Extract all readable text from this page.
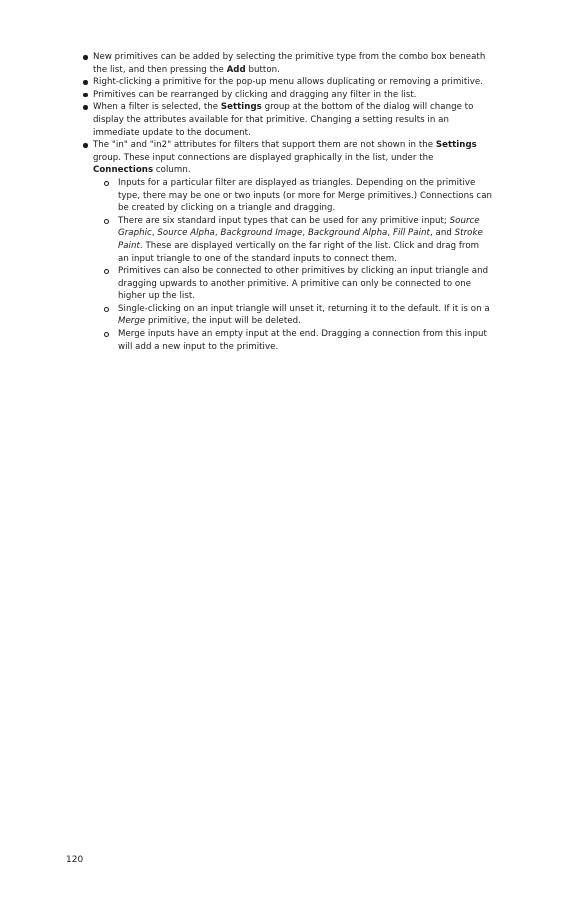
New primitives can be added by selecting the primitive type from the combo box beneath the list, and then pressing the Add button.
Right-clicking a primitive for the pop-up menu allows duplicating or removing a primitive.
Primitives can be rearranged by clicking and dragging any filter in the list.
When a filter is selected, the Settings group at the bottom of the dialog will change to display the attributes available for that primitive. Changing a setting results in an immediate update to the document.
The "in" and "in2" attributes for filters that support them are not shown in the Settings group. These input connections are displayed graphically in the list, under the Connections column.
Inputs for a particular filter are displayed as triangles. Depending on the primitive type, there may be one or two inputs (or more for Merge primitives.) Connections can be created by clicking on a triangle and dragging.
There are six standard input types that can be used for any primitive input; Source Graphic, Source Alpha, Background Image, Background Alpha, Fill Paint, and Stroke Paint. These are displayed vertically on the far right of the list. Click and drag from an input triangle to one of the standard inputs to connect them.
Primitives can also be connected to other primitives by clicking an input triangle and dragging upwards to another primitive. A primitive can only be connected to one higher up the list.
Single-clicking on an input triangle will unset it, returning it to the default. If it is on a Merge primitive, the input will be deleted.
Merge inputs have an empty input at the end. Dragging a connection from this input will add a new input to the primitive.
120
